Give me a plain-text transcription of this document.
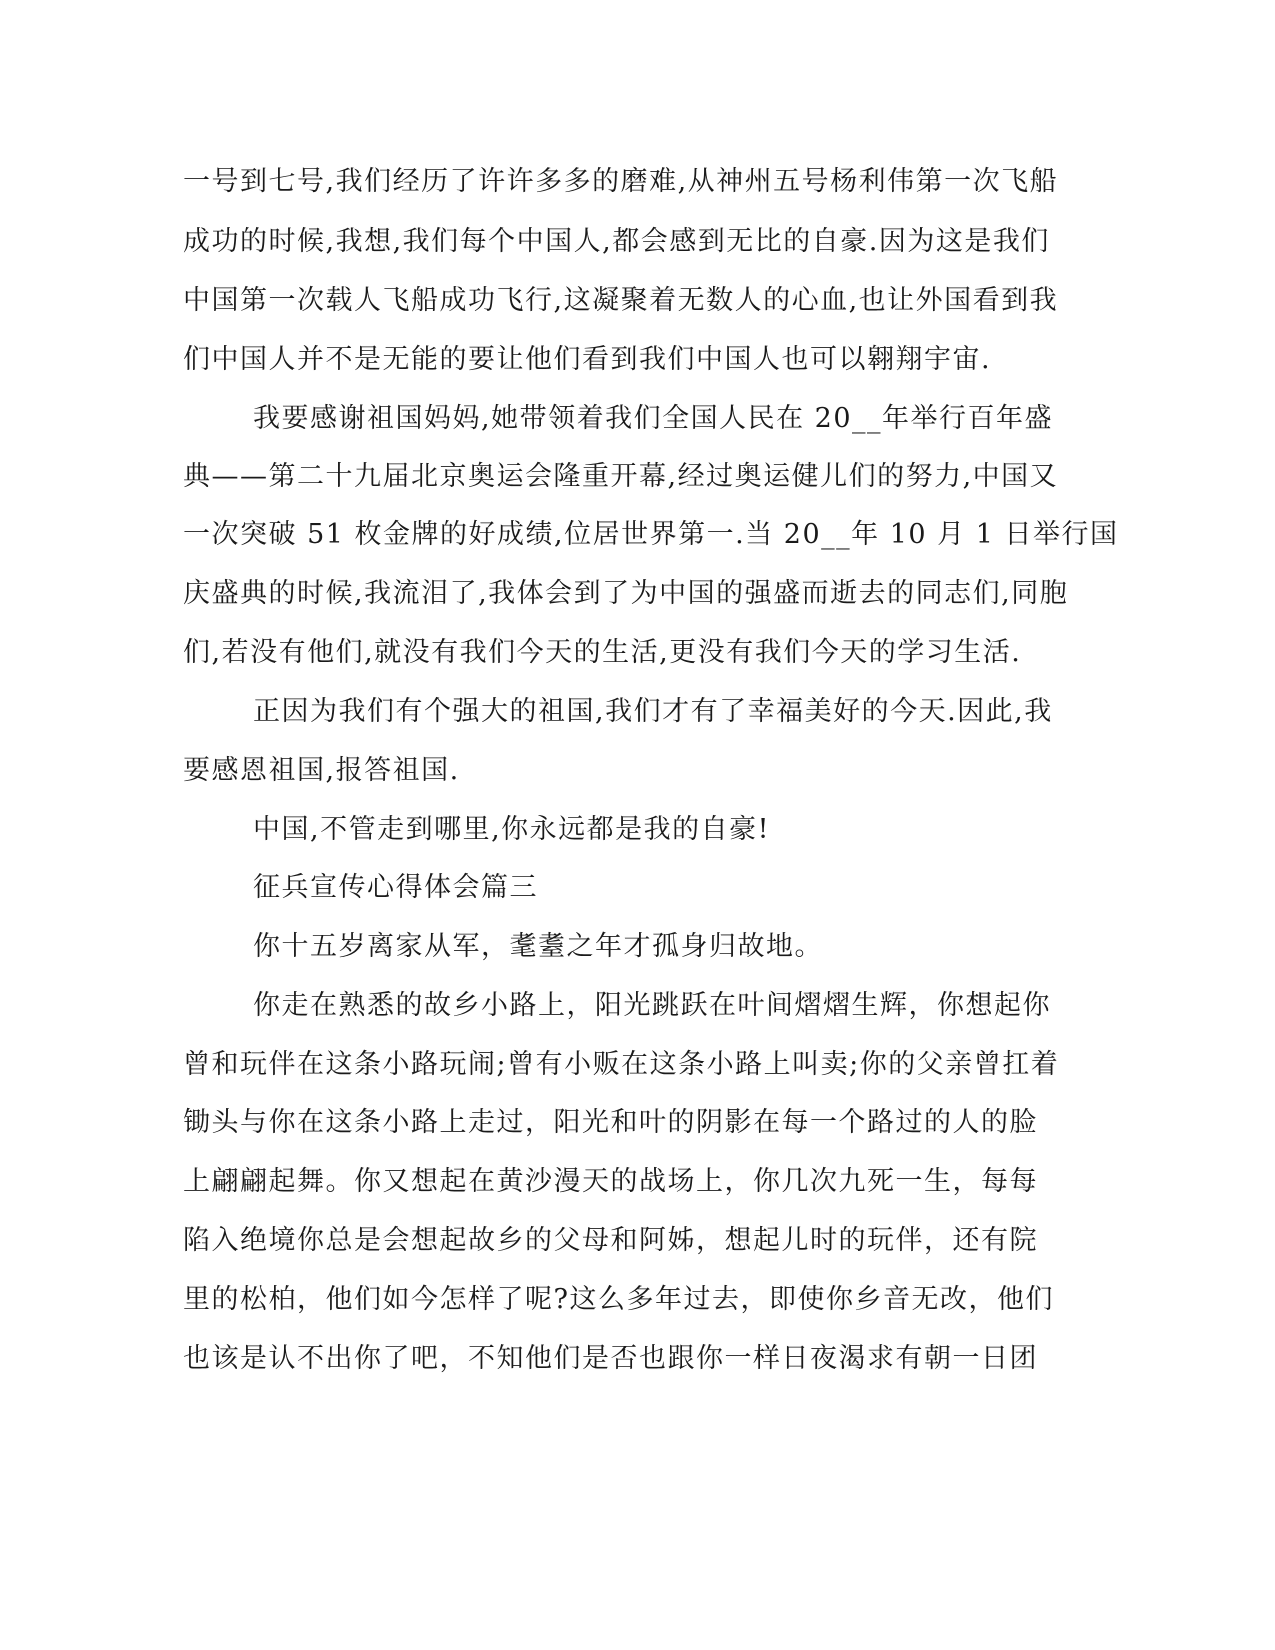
一号到七号,我们经历了许许多多的磨难,从神州五号杨利伟第一次飞船
成功的时候,我想,我们每个中国人,都会感到无比的自豪.因为这是我们
中国第一次载人飞船成功飞行,这凝聚着无数人的心血,也让外国看到我
们中国人并不是无能的要让他们看到我们中国人也可以翱翔宇宙.
我要感谢祖国妈妈,她带领着我们全国人民在 20__年举行百年盛
典——第二十九届北京奥运会隆重开幕,经过奥运健儿们的努力,中国又
一次突破 51 枚金牌的好成绩,位居世界第一.当 20__年 10 月 1 日举行国
庆盛典的时候,我流泪了,我体会到了为中国的强盛而逝去的同志们,同胞
们,若没有他们,就没有我们今天的生活,更没有我们今天的学习生活.
正因为我们有个强大的祖国,我们才有了幸福美好的今天.因此,我
要感恩祖国,报答祖国.
中国,不管走到哪里,你永远都是我的自豪!
征兵宣传心得体会篇三
你十五岁离家从军，耄耋之年才孤身归故地。
你走在熟悉的故乡小路上，阳光跳跃在叶间熠熠生辉，你想起你
曾和玩伴在这条小路玩闹;曾有小贩在这条小路上叫卖;你的父亲曾扛着
锄头与你在这条小路上走过，阳光和叶的阴影在每一个路过的人的脸
上翩翩起舞。你又想起在黄沙漫天的战场上，你几次九死一生，每每
陷入绝境你总是会想起故乡的父母和阿姊，想起儿时的玩伴，还有院
里的松柏，他们如今怎样了呢?这么多年过去，即使你乡音无改，他们
也该是认不出你了吧，不知他们是否也跟你一样日夜渴求有朝一日团
